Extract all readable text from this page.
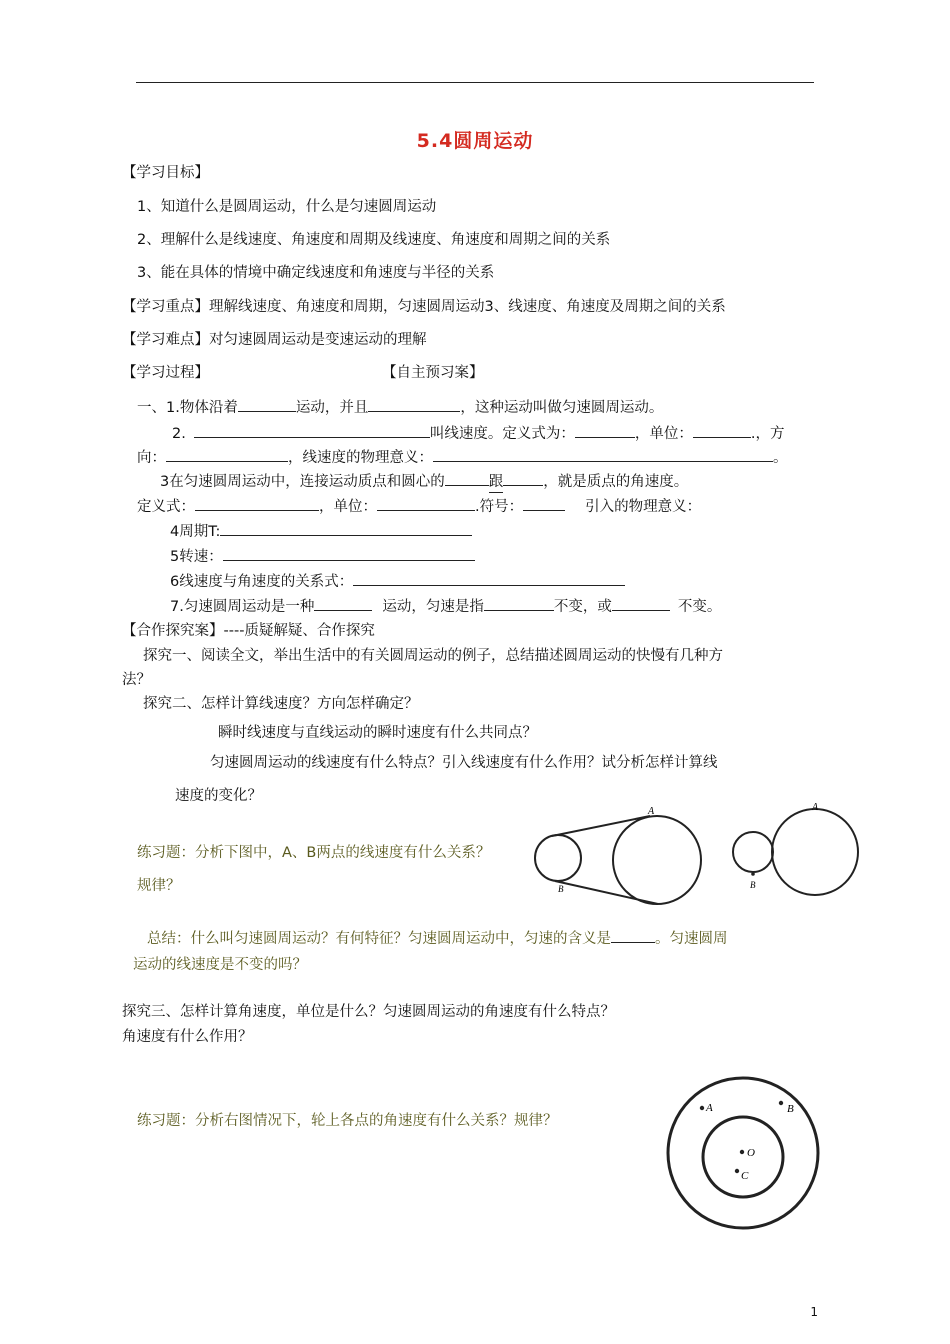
5.4圆周运动
【学习目标】
1、知道什么是圆周运动，什么是匀速圆周运动
2、理解什么是线速度、角速度和周期及线速度、角速度和周期之间的关系
3、能在具体的情境中确定线速度和角速度与半径的关系
【学习重点】理解线速度、角速度和周期，匀速圆周运动3、线速度、角速度及周期之间的关系
【学习难点】对匀速圆周运动是变速运动的理解
【学习过程】	【自主预习案】
一、1.物体沿着	运动，并且	，这种运动叫做匀速圆周运动。
2.	叫线速度。定义式为：	，单位：	.，方
向：	，线速度的物理意义：	。
3在匀速圆周运动中，连接运动质点和圆心的	跟	，就是质点的角速度。
定义式：	，单位：	.符号：	引入的物理意义：
4周期T:
5转速：
6线速度与角速度的关系式：
7.匀速圆周运动是一种	运动，匀速是指	不变，或	不变。
【合作探究案】----质疑解疑、合作探究
探究一、阅读全文，举出生活中的有关圆周运动的例子，总结描述圆周运动的快慢有几种方
法？
探究二、怎样计算线速度？方向怎样确定？
瞬时线速度与直线运动的瞬时速度有什么共同点？
匀速圆周运动的线速度有什么特点？引入线速度有什么作用？试分析怎样计算线
速度的变化？
练习题：分析下图中，A、B两点的线速度有什么关系？
规律？
总结：什么叫匀速圆周运动？有何特征？匀速圆周运动中，匀速的含义是	。匀速圆周
运动的线速度是不变的吗？
探究三、怎样计算角速度，单位是什么？匀速圆周运动的角速度有什么特点？
角速度有什么作用？
练习题：分析右图情况下，轮上各点的角速度有什么关系？规律？
A
B
A
B
A	B
O
C
1
